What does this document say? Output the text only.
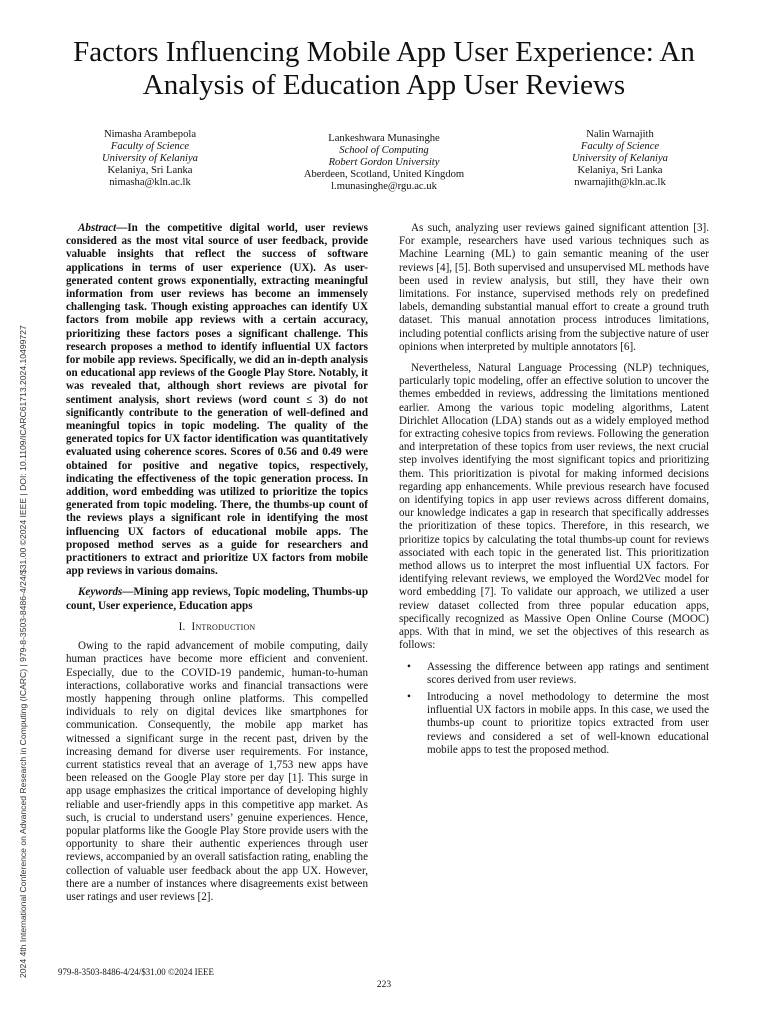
Factors Influencing Mobile App User Experience: An Analysis of Education App User Reviews
Nimasha Arambepola
Faculty of Science
University of Kelaniya
Kelaniya, Sri Lanka
nimasha@kln.ac.lk
Lankeshwara Munasinghe
School of Computing
Robert Gordon University
Aberdeen, Scotland, United Kingdom
l.munasinghe@rgu.ac.uk
Nalin Warnajith
Faculty of Science
University of Kelaniya
Kelaniya, Sri Lanka
nwarnajith@kln.ac.lk
2024 4th International Conference on Advanced Research in Computing (ICARC) | 979-8-3503-8486-4/24/$31.00 ©2024 IEEE | DOI: 10.1109/ICARC61713.2024.10499727

Abstract—In the competitive digital world, user reviews considered as the most vital source of user feedback, provide valuable insights that reflect the success of software applications in terms of user experience (UX). As user-generated content grows exponentially, extracting meaningful information from user reviews has become an immensely challenging task. Though existing approaches can identify UX factors from mobile app reviews with a certain accuracy, prioritizing these factors poses a significant challenge. This research proposes a method to identify influential UX factors for mobile app reviews. Specifically, we did an in-depth analysis on educational app reviews of the Google Play Store. Notably, it was revealed that, although short reviews are pivotal for sentiment analysis, short reviews (word count ≤ 3) do not significantly contribute to the generation of well-defined and meaningful topics in topic modeling. The quality of the generated topics for UX factor identification was quantitatively evaluated using coherence scores. Scores of 0.56 and 0.49 were obtained for positive and negative topics, respectively, indicating the effectiveness of the topic generation process. In addition, word embedding was utilized to prioritize the topics generated from topic modeling. There, the thumbs-up count of the reviews plays a significant role in identifying the most influencing UX factors of educational mobile apps. The proposed method serves as a guide for researchers and practitioners to extract and prioritize UX factors from mobile app reviews in various domains.

Keywords—Mining app reviews, Topic modeling, Thumbs-up count, User experience, Education apps

I. Introduction

Owing to the rapid advancement of mobile computing, daily human practices have become more efficient and convenient. Especially, due to the COVID-19 pandemic, human-to-human interactions, collaborative works and financial transactions were mostly happening through online platforms. This compelled individuals to rely on digital devices like smartphones for communication. Consequently, the mobile app market has witnessed a significant surge in the recent past, driven by the increasing demand for diverse user requirements. For instance, current statistics reveal that an average of 1,753 new apps have been released on the Google Play store per day [1]. This surge in app usage emphasizes the critical importance of developing highly reliable and user-friendly apps in this competitive app market. As such, is crucial to understand users’ genuine experiences. Hence, popular platforms like the Google Play Store provide users with the opportunity to share their authentic experiences through user reviews, accompanied by an overall satisfaction rating, enabling the collection of valuable user feedback about the app UX. However, there are a number of instances where disagreements exist between user ratings and user reviews [2].

As such, analyzing user reviews gained significant attention [3]. For example, researchers have used various techniques such as Machine Learning (ML) to gain semantic meaning of the user reviews [4], [5]. Both supervised and unsupervised ML methods have been used in review analysis, but still, they have their own limitations. For instance, supervised methods rely on predefined labels, demanding substantial manual effort to create a ground truth dataset. This manual annotation process introduces limitations, including potential conflicts arising from the subjective nature of user opinions when interpreted by multiple annotators [6].

Nevertheless, Natural Language Processing (NLP) techniques, particularly topic modeling, offer an effective solution to uncover the themes embedded in reviews, addressing the limitations mentioned earlier. Among the various topic modeling algorithms, Latent Dirichlet Allocation (LDA) stands out as a widely employed method for extracting cohesive topics from reviews. Following the generation and interpretation of these topics from user reviews, the next crucial step involves identifying the most significant topics and prioritizing them. This prioritization is pivotal for making informed decisions regarding app enhancements. While previous research have focused on identifying topics in app user reviews across different domains, our knowledge indicates a gap in research that specifically addresses the prioritization of these topics. Therefore, in this research, we prioritize topics by calculating the total thumbs-up count for reviews associated with each topic in the generated list. This prioritization method allows us to interpret the most influential UX factors. For identifying relevant reviews, we employed the Word2Vec model for word embedding [7]. To validate our approach, we utilized a user review dataset collected from three popular education apps, specifically recognized as Massive Open Online Course (MOOC) apps. With that in mind, we set the objectives of this research as follows:

• Assessing the difference between app ratings and sentiment scores derived from user reviews.
• Introducing a novel methodology to determine the most influential UX factors in mobile apps. In this case, we used the thumbs-up count to prioritize topics extracted from user reviews and considered a set of well-known educational mobile apps to test the proposed method.
979-8-3503-8486-4/24/$31.00 ©2024 IEEE
223
